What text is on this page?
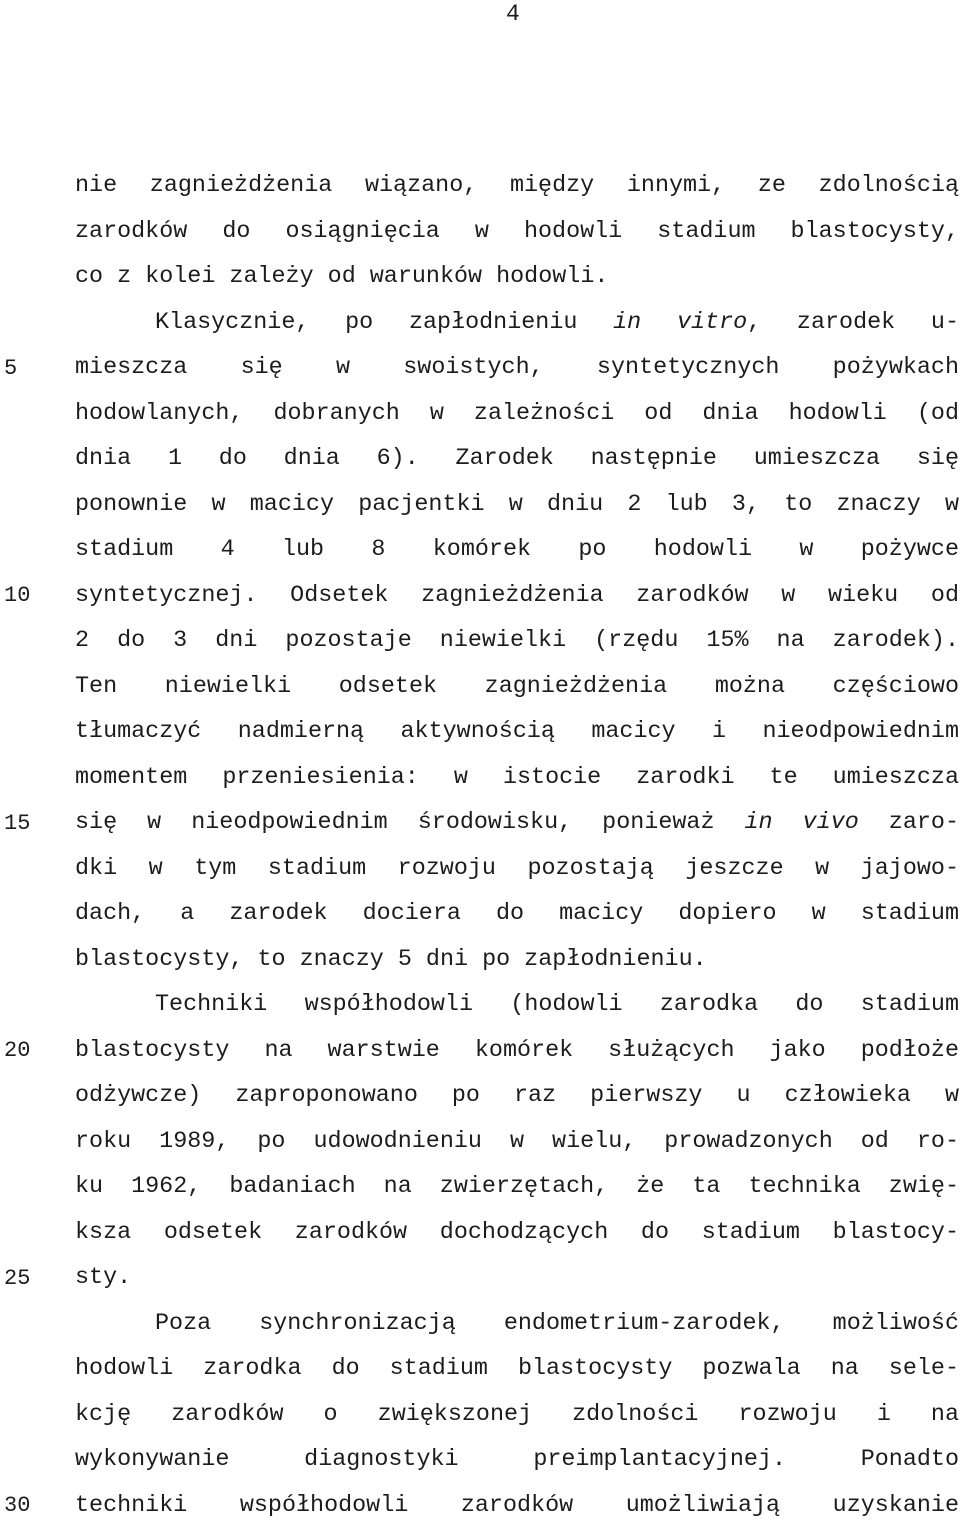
4
5
10
15
20
25
30
nie zagnieżdżenia wiązano, między innymi, ze zdolnością
zarodków do osiągnięcia w hodowli stadium blastocysty,
co z kolei zależy od warunków hodowli.
Klasycznie, po zapłodnieniu in vitro, zarodek u-
mieszcza się w swoistych, syntetycznych pożywkach
hodowlanych, dobranych w zależności od dnia hodowli (od
dnia 1 do dnia 6). Zarodek następnie umieszcza się
ponownie w macicy pacjentki w dniu 2 lub 3, to znaczy w
stadium 4 lub 8 komórek po hodowli w pożywce
syntetycznej. Odsetek zagnieżdżenia zarodków w wieku od
2 do 3 dni pozostaje niewielki (rzędu 15% na zarodek).
Ten niewielki odsetek zagnieżdżenia można częściowo
tłumaczyć nadmierną aktywnością macicy i nieodpowiednim
momentem przeniesienia: w istocie zarodki te umieszcza
się w nieodpowiednim środowisku, ponieważ in vivo zaro-
dki w tym stadium rozwoju pozostają jeszcze w jajowo-
dach, a zarodek dociera do macicy dopiero w stadium
blastocysty, to znaczy 5 dni po zapłodnieniu.
Techniki współhodowli (hodowli zarodka do stadium
blastocysty na warstwie komórek służących jako podłoże
odżywcze) zaproponowano po raz pierwszy u człowieka w
roku 1989, po udowodnieniu w wielu, prowadzonych od ro-
ku 1962, badaniach na zwierzętach, że ta technika zwię-
ksza odsetek zarodków dochodzących do stadium blastocy-
sty.
Poza synchronizacją endometrium-zarodek, możliwość
hodowli zarodka do stadium blastocysty pozwala na sele-
kcję zarodków o zwiększonej zdolności rozwoju i na
wykonywanie diagnostyki preimplantacyjnej. Ponadto
techniki współhodowli zarodków umożliwiają uzyskanie
